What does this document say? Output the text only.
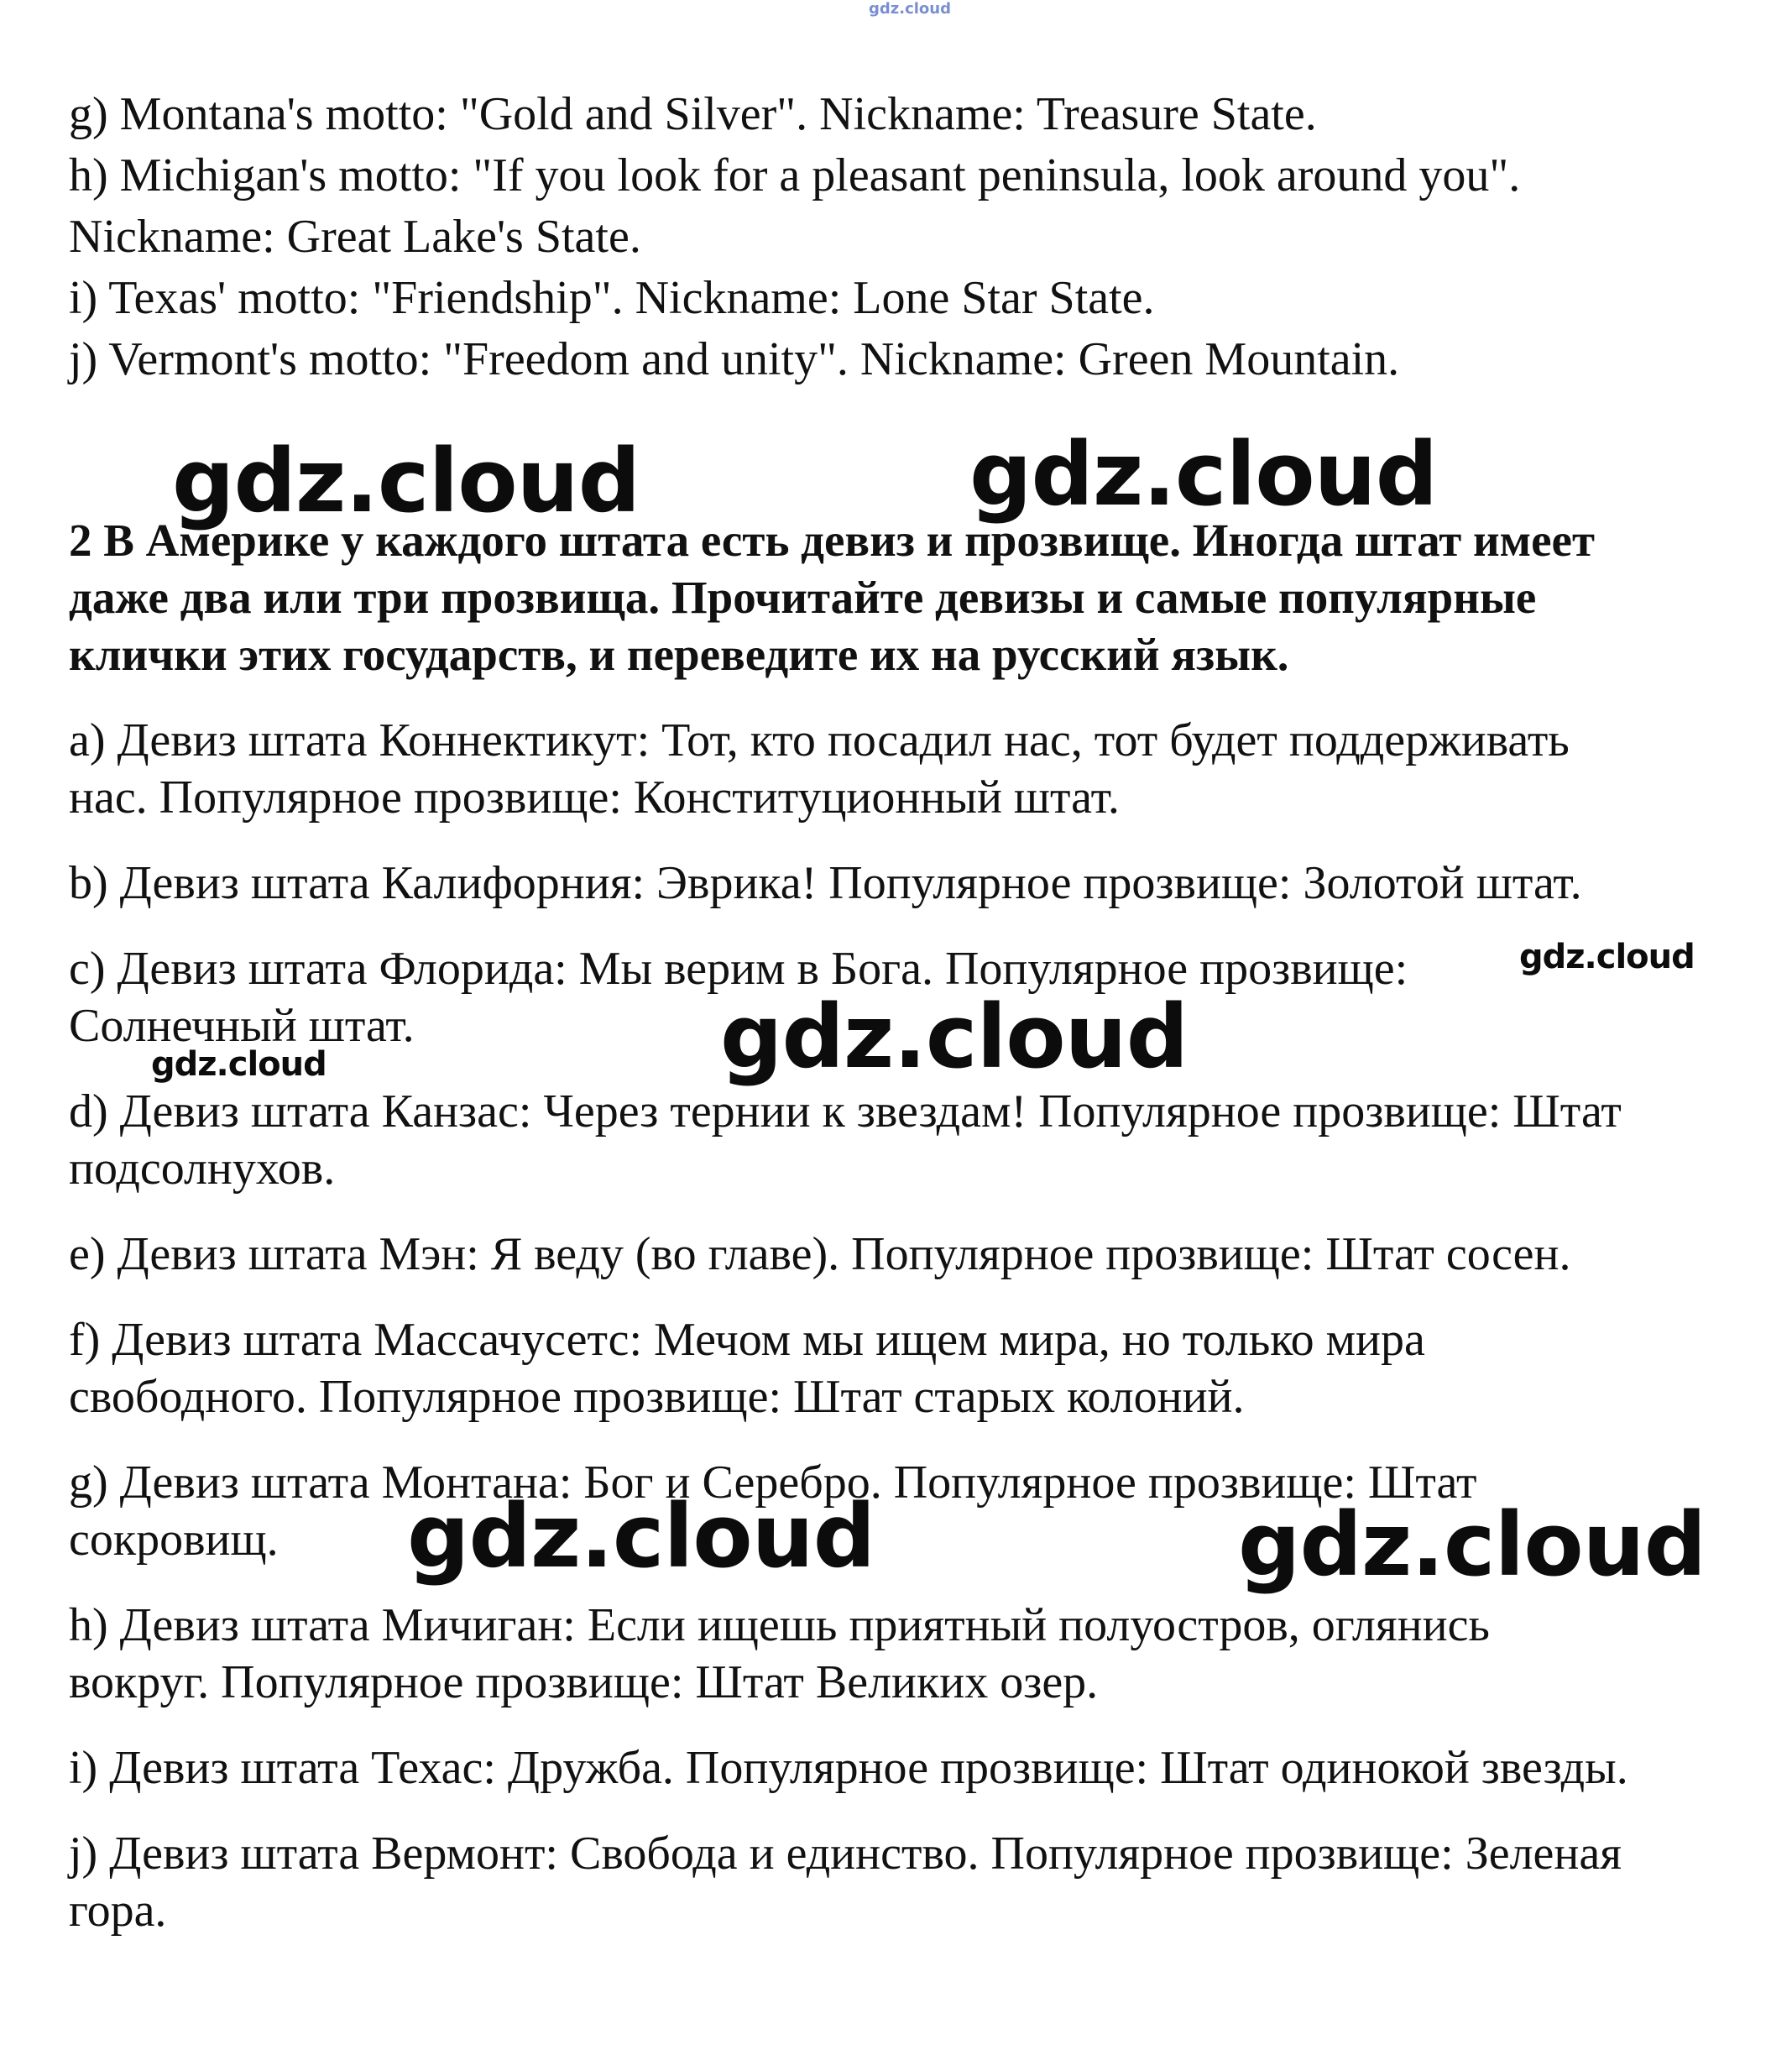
gdz.cloud
g) Montana's motto: "Gold and Silver". Nickname: Treasure State.
h) Michigan's motto: "If you look for a pleasant peninsula, look around you".
Nickname: Great Lake's State.
i) Texas' motto: "Friendship". Nickname: Lone Star State.
j) Vermont's motto: "Freedom and unity". Nickname: Green Mountain.
2 В Америке у каждого штата есть девиз и прозвище. Иногда штат имеет
даже два или три прозвища. Прочитайте девизы и самые популярные
клички этих государств, и переведите их на русский язык.
а) Девиз штата Коннектикут: Тот, кто посадил нас, тот будет поддерживать
нас. Популярное прозвище: Конституционный штат.
b) Девиз штата Калифорния: Эврика! Популярное прозвище: Золотой штат.
с) Девиз штата Флорида: Мы верим в Бога. Популярное прозвище:
Солнечный штат.
d) Девиз штата Канзас: Через тернии к звездам! Популярное прозвище: Штат
подсолнухов.
е) Девиз штата Мэн: Я веду (во главе). Популярное прозвище: Штат сосен.
f) Девиз штата Массачусетс: Мечом мы ищем мира, но только мира
свободного. Популярное прозвище: Штат старых колоний.
g) Девиз штата Монтана: Бог и Серебро. Популярное прозвище: Штат
сокровищ.
h) Девиз штата Мичиган: Если ищешь приятный полуостров, оглянись
вокруг. Популярное прозвище: Штат Великих озер.
i) Девиз штата Техас: Дружба. Популярное прозвище: Штат одинокой звезды.
j) Девиз штата Вермонт: Свобода и единство. Популярное прозвище: Зеленая
гора.
gdz.cloud	gdz.cloud
gdz.cloud
gdz.cloud
gdz.cloud
gdz.cloud	gdz.cloud
